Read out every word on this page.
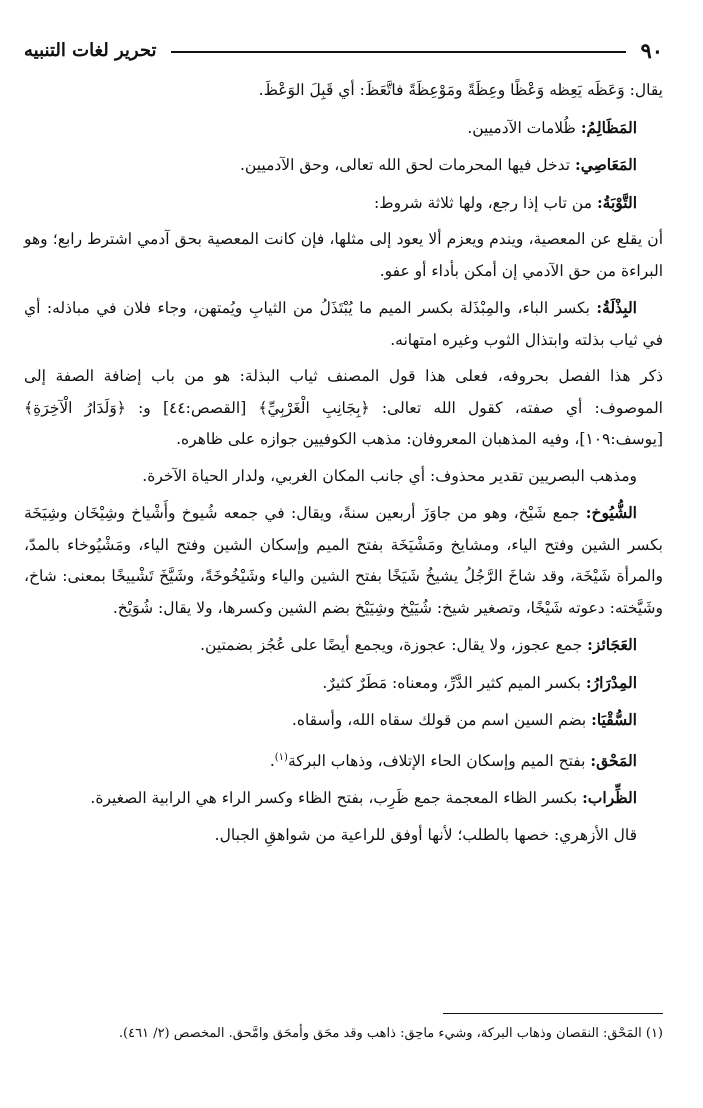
٩٠
تحرير لغات التنبيه

يقال: وَعَظَه يَعِظه وَعْظًا وعِظَةً ومَوْعِظَةً فاتَّعَظَ: أي قَبِلَ الوَعْظَ.

المَظَالِمُ: ظُلامات الآدميين.

المَعَاصِي: تدخل فيها المحرمات لحق الله تعالى، وحق الآدميين.

التَّوْبَةُ: من تاب إذا رجع، ولها ثلاثة شروط:

أن يقلع عن المعصية، ويندم ويعزم ألا يعود إلى مثلها، فإن كانت المعصية بحق آدمي اشترط رابع؛ وهو البراءة من حق الآدمي إن أمكن بأداء أو عفو.

البِذْلَةُ: بكسر الباء، والمِبْذَلة بكسر الميم ما يُبْتَذَلُ من الثيابِ ويُمتهن، وجاء فلان في مباذله: أي في ثياب بذلته وابتذال الثوب وغيره امتهانه.

ذكر هذا الفصل بحروفه، فعلى هذا قول المصنف ثياب البذلة: هو من باب إضافة الصفة إلى الموصوف: أي صفته، كقول الله تعالى: ﴿بِجَانِبِ الْغَرْبِيِّ﴾ [القصص:٤٤] و: ﴿وَلَدَارُ الْآخِرَةِ﴾ [يوسف:١٠٩]، وفيه المذهبان المعروفان: مذهب الكوفيين جوازه على ظاهره.

ومذهب البصريين تقدير محذوف: أي جانب المكان الغربي، ولدار الحياة الآخرة.

الشُّيُوخ: جمع شَيْخ، وهو من جاوَزَ أربعين سنةً، ويقال: في جمعه شُيوخ وأَشْياخ وشِيْخَان وشِيَخَة بكسر الشين وفتح الياء، ومشايخ ومَشْيَخَة بفتح الميم وإسكان الشين وفتح الياء، ومَشْيُوخاء بالمدّ، والمرأة شَيْخَة، وقد شاخَ الرَّجُلُ يشيخُ شَيَخًا بفتح الشين والياء وشَيْخُوخَةً، وشَيَّخَ تَشْييخًا بمعنى: شاخ، وشَيَّخته: دعوته شَيْخًا، وتصغير شيخ: شُيَيْخ وشِيَيْخ بضم الشين وكسرها، ولا يقال: شُوَيْخ.

العَجَائز: جمع عجوز، ولا يقال: عجوزة، ويجمع أيضًا على عُجُز بضمتين.

المِدْرَارُ: بكسر الميم كثير الدَّرِّ، ومعناه: مَطَرٌ كثيرٌ.

السُّقْيَا: بضم السين اسم من قولك سقاه الله، وأسقاه.

المَحْق: بفتح الميم وإسكان الحاء الإتلاف، وذهاب البركة$^{(١)}$.

الظِّراب: بكسر الظاء المعجمة جمع ظَرِب، بفتح الظاء وكسر الراء هي الرابية الصغيرة.

قال الأزهري: خصها بالطلب؛ لأنها أوفق للراعية من شواهقِ الجبال.

(١) المَحْق: النقصان وذهاب البركة، وشيء ماحِق: ذاهب وقد محَق وأمحَق وامَّحق. المخصص (٢/ ٤٦١).
